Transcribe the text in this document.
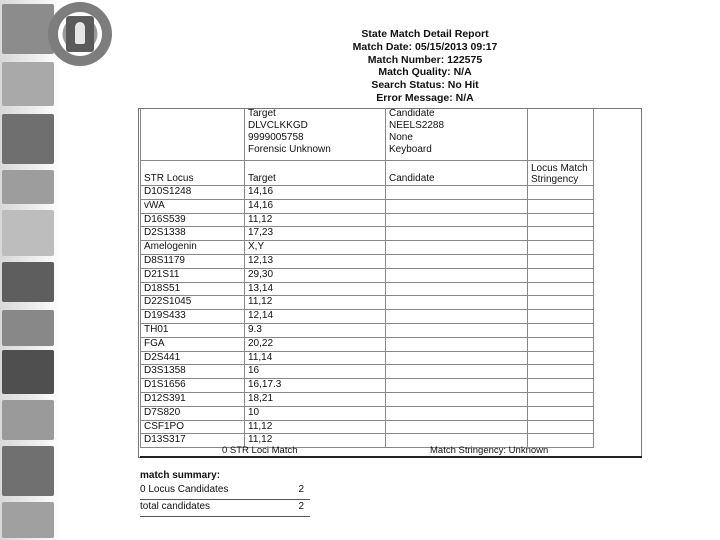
State Match Detail Report
Match Date: 05/15/2013 09:17
Match Number: 122575
Match Quality: N/A
Search Status: No Hit
Error Message: N/A

	Target
DLVCLKKGD
9999005758
Forensic Unknown	Candidate
NEELS2288
None
Keyboard	

STR Locus	Target	Candidate	Locus Match Stringency
D10S1248	14,16		
vWA	14,16		
D16S539	11,12		
D2S1338	17,23		
Amelogenin	X,Y		
D8S1179	12,13		
D21S11	29,30		
D18S51	13,14		
D22S1045	11,12		
D19S433	12,14		
TH01	9.3		
FGA	20,22		
D2S441	11,14		
D3S1358	16		
D1S1656	16,17.3		
D12S391	18,21		
D7S820	10		
CSF1PO	11,12		
D13S317	11,12		
0 STR Loci Match	Match Stringency: Unknown
match summary:
0 Locus Candidates	2
total candidates	2
